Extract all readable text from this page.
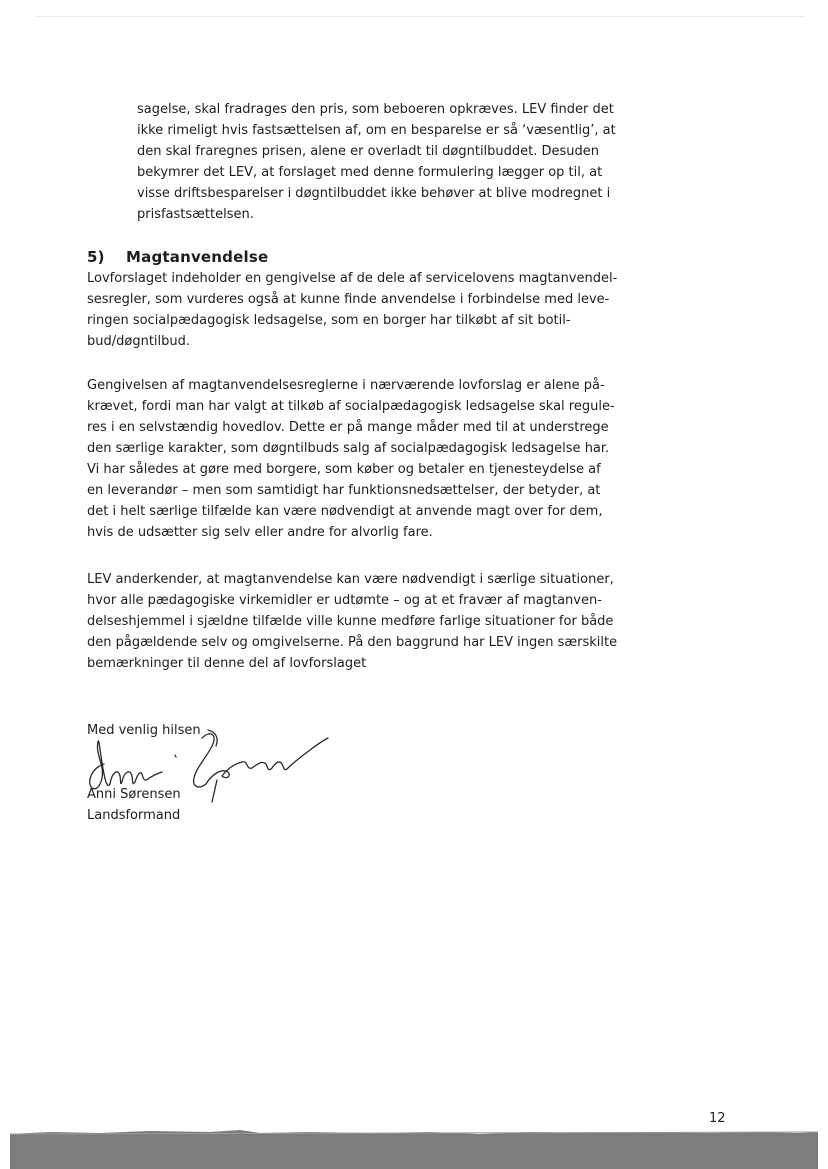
sagelse, skal fradrages den pris, som beboeren opkræves. LEV finder det
ikke rimeligt hvis fastsættelsen af, om en besparelse er så ‘væsentlig’, at
den skal fraregnes prisen, alene er overladt til døgntilbuddet. Desuden
bekymrer det LEV, at forslaget med denne formulering lægger op til, at
visse driftsbesparelser i døgntilbuddet ikke behøver at blive modregnet i
prisfastsættelsen.
5) Magtanvendelse
Lovforslaget indeholder en gengivelse af de dele af servicelovens magtanvendel-
sesregler, som vurderes også at kunne finde anvendelse i forbindelse med leve-
ringen socialpædagogisk ledsagelse, som en borger har tilkøbt af sit botil-
bud/døgntilbud.
Gengivelsen af magtanvendelsesreglerne i nærværende lovforslag er alene på-
krævet, fordi man har valgt at tilkøb af socialpædagogisk ledsagelse skal regule-
res i en selvstændig hovedlov. Dette er på mange måder med til at understrege
den særlige karakter, som døgntilbuds salg af socialpædagogisk ledsagelse har.
Vi har således at gøre med borgere, som køber og betaler en tjenesteydelse af
en leverandør – men som samtidigt har funktionsnedsættelser, der betyder, at
det i helt særlige tilfælde kan være nødvendigt at anvende magt over for dem,
hvis de udsætter sig selv eller andre for alvorlig fare.
LEV anderkender, at magtanvendelse kan være nødvendigt i særlige situationer,
hvor alle pædagogiske virkemidler er udtømte – og at et fravær af magtanven-
delseshjemmel i sjældne tilfælde ville kunne medføre farlige situationer for både
den pågældende selv og omgivelserne. På den baggrund har LEV ingen særskilte
bemærkninger til denne del af lovforslaget
Med venlig hilsen
Anni Sørensen
Landsformand
12
